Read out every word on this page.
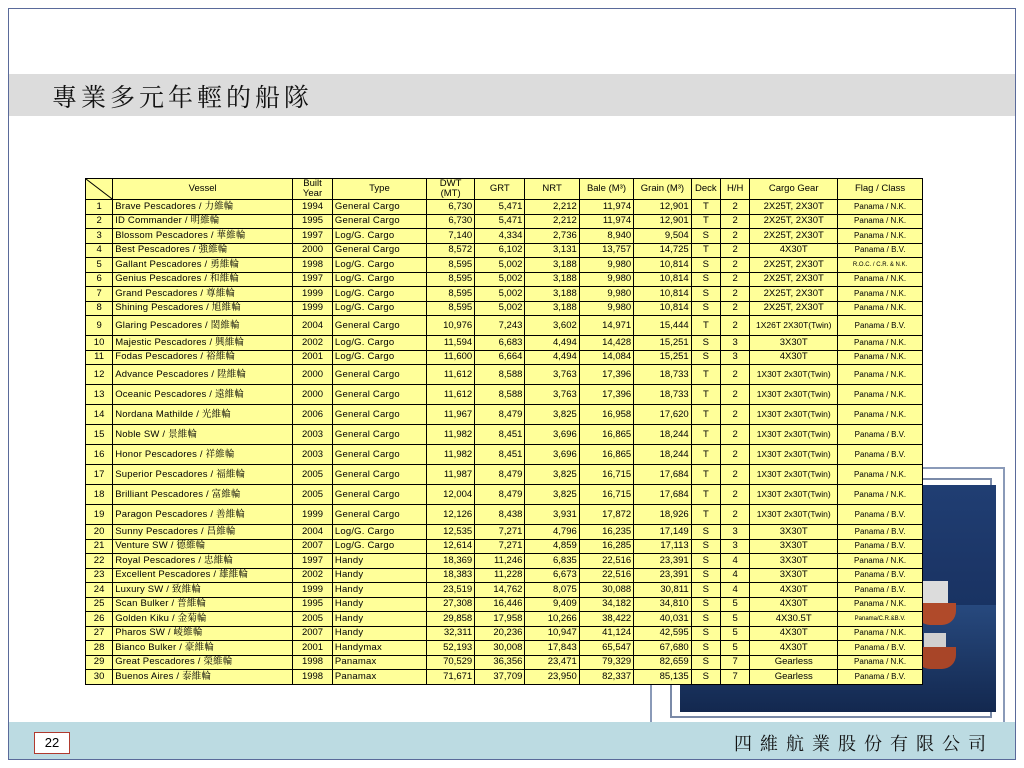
專業多元年輕的船隊
	Vessel	Built Year	Type	DWT (MT)	GRT	NRT	Bale (M³)	Grain (M³)	Deck	H/H	Cargo Gear	Flag / Class
1	Brave Pescadores / 力維輪	1994	General Cargo	6,730	5,471	2,212	11,974	12,901	T	2	2X25T, 2X30T	Panama / N.K.
2	ID Commander / 明維輪	1995	General Cargo	6,730	5,471	2,212	11,974	12,901	T	2	2X25T, 2X30T	Panama / N.K.
3	Blossom Pescadores / 華維輪	1997	Log/G. Cargo	7,140	4,334	2,736	8,940	9,504	S	2	2X25T, 2X30T	Panama / N.K.
4	Best Pescadores / 強維輪	2000	General Cargo	8,572	6,102	3,131	13,757	14,725	T	2	4X30T	Panama / B.V.
5	Gallant Pescadores / 勇維輪	1998	Log/G. Cargo	8,595	5,002	3,188	9,980	10,814	S	2	2X25T, 2X30T	R.O.C. / C.R. & N.K.
6	Genius Pescadores / 和維輪	1997	Log/G. Cargo	8,595	5,002	3,188	9,980	10,814	S	2	2X25T, 2X30T	Panama / N.K.
7	Grand Pescadores / 尊維輪	1999	Log/G. Cargo	8,595	5,002	3,188	9,980	10,814	S	2	2X25T, 2X30T	Panama / N.K.
8	Shining Pescadores / 旭維輪	1999	Log/G. Cargo	8,595	5,002	3,188	9,980	10,814	S	2	2X25T, 2X30T	Panama / N.K.
9	Glaring Pescadores / 閎維輪	2004	General Cargo	10,976	7,243	3,602	14,971	15,444	T	2	1X26T 2X30T(Twin)	Panama / B.V.
10	Majestic Pescadores / 興維輪	2002	Log/G. Cargo	11,594	6,683	4,494	14,428	15,251	S	3	3X30T	Panama / N.K.
11	Fodas Pescadores / 裕維輪	2001	Log/G. Cargo	11,600	6,664	4,494	14,084	15,251	S	3	4X30T	Panama / N.K.
12	Advance Pescadores / 陞維輪	2000	General Cargo	11,612	8,588	3,763	17,396	18,733	T	2	1X30T 2x30T(Twin)	Panama / N.K.
13	Oceanic Pescadores / 遠維輪	2000	General Cargo	11,612	8,588	3,763	17,396	18,733	T	2	1X30T 2x30T(Twin)	Panama / N.K.
14	Nordana Mathilde / 光維輪	2006	General Cargo	11,967	8,479	3,825	16,958	17,620	T	2	1X30T 2x30T(Twin)	Panama / N.K.
15	Noble SW / 景維輪	2003	General Cargo	11,982	8,451	3,696	16,865	18,244	T	2	1X30T 2x30T(Twin)	Panama / B.V.
16	Honor Pescadores / 祥維輪	2003	General Cargo	11,982	8,451	3,696	16,865	18,244	T	2	1X30T 2x30T(Twin)	Panama / B.V.
17	Superior Pescadores / 福維輪	2005	General Cargo	11,987	8,479	3,825	16,715	17,684	T	2	1X30T 2x30T(Twin)	Panama / N.K.
18	Brilliant Pescadores / 富維輪	2005	General Cargo	12,004	8,479	3,825	16,715	17,684	T	2	1X30T 2x30T(Twin)	Panama / N.K.
19	Paragon Pescadores / 善維輪	1999	General Cargo	12,126	8,438	3,931	17,872	18,926	T	2	1X30T 2x30T(Twin)	Panama / B.V.
20	Sunny Pescadores / 昌維輪	2004	Log/G. Cargo	12,535	7,271	4,796	16,235	17,149	S	3	3X30T	Panama / B.V.
21	Venture SW / 德維輪	2007	Log/G. Cargo	12,614	7,271	4,859	16,285	17,113	S	3	3X30T	Panama / B.V.
22	Royal Pescadores / 忠維輪	1997	Handy	18,369	11,246	6,835	22,516	23,391	S	4	3X30T	Panama / N.K.
23	Excellent Pescadores / 雄維輪	2002	Handy	18,383	11,228	6,673	22,516	23,391	S	4	3X30T	Panama / B.V.
24	Luxury SW / 致維輪	1999	Handy	23,519	14,762	8,075	30,088	30,811	S	4	4X30T	Panama / B.V.
25	Scan Bulker / 普維輪	1995	Handy	27,308	16,446	9,409	34,182	34,810	S	5	4X30T	Panama / N.K.
26	Golden Kiku / 金菊輪	2005	Handy	29,858	17,958	10,266	38,422	40,031	S	5	4X30.5T	Panama/C.R.&B.V.
27	Pharos SW / 崚維輪	2007	Handy	32,311	20,236	10,947	41,124	42,595	S	5	4X30T	Panama / N.K.
28	Bianco Bulker / 豪維輪	2001	Handymax	52,193	30,008	17,843	65,547	67,680	S	5	4X30T	Panama / B.V.
29	Great Pescadores / 榮維輪	1998	Panamax	70,529	36,356	23,471	79,329	82,659	S	7	Gearless	Panama / N.K.
30	Buenos Aires / 泰維輪	1998	Panamax	71,671	37,709	23,950	82,337	85,135	S	7	Gearless	Panama / B.V.
22	四維航業股份有限公司
